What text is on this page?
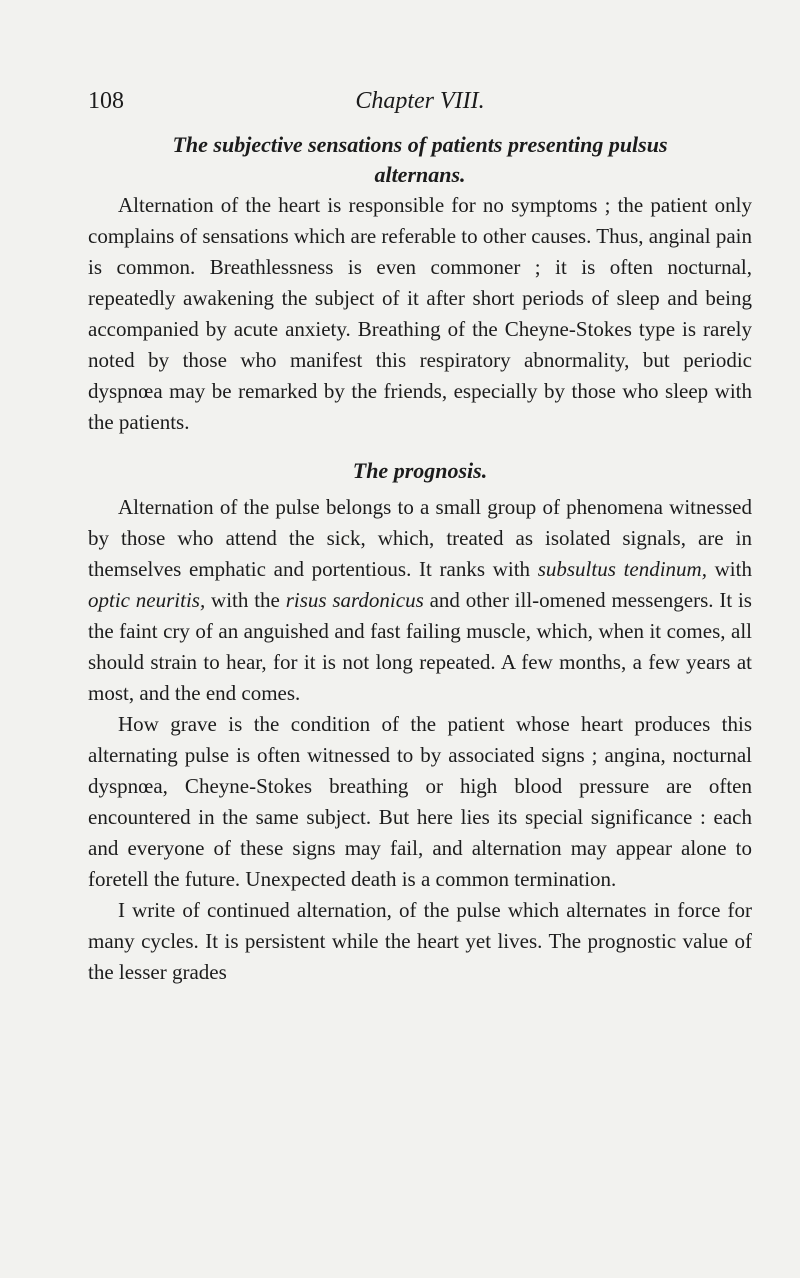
108	Chapter VIII.
The subjective sensations of patients presenting pulsus
alternans.

Alternation of the heart is responsible for no symptoms ; the patient only complains of sensations which are referable to other causes. Thus, anginal pain is common. Breathlessness is even commoner ; it is often nocturnal, repeatedly awakening the subject of it after short periods of sleep and being accompanied by acute anxiety. Breathing of the Cheyne-Stokes type is rarely noted by those who manifest this respiratory abnormality, but periodic dyspnœa may be remarked by the friends, especially by those who sleep with the patients.

The prognosis.

Alternation of the pulse belongs to a small group of phenomena witnessed by those who attend the sick, which, treated as isolated signals, are in themselves emphatic and portentious. It ranks with subsultus tendinum, with optic neuritis, with the risus sardonicus and other ill-omened messengers. It is the faint cry of an anguished and fast failing muscle, which, when it comes, all should strain to hear, for it is not long repeated. A few months, a few years at most, and the end comes.

How grave is the condition of the patient whose heart produces this alternating pulse is often witnessed to by associated signs ; angina, nocturnal dyspnœa, Cheyne-Stokes breathing or high blood pressure are often encountered in the same subject. But here lies its special significance : each and everyone of these signs may fail, and alternation may appear alone to foretell the future. Unexpected death is a common termination.

I write of continued alternation, of the pulse which alternates in force for many cycles. It is persistent while the heart yet lives. The prognostic value of the lesser grades
